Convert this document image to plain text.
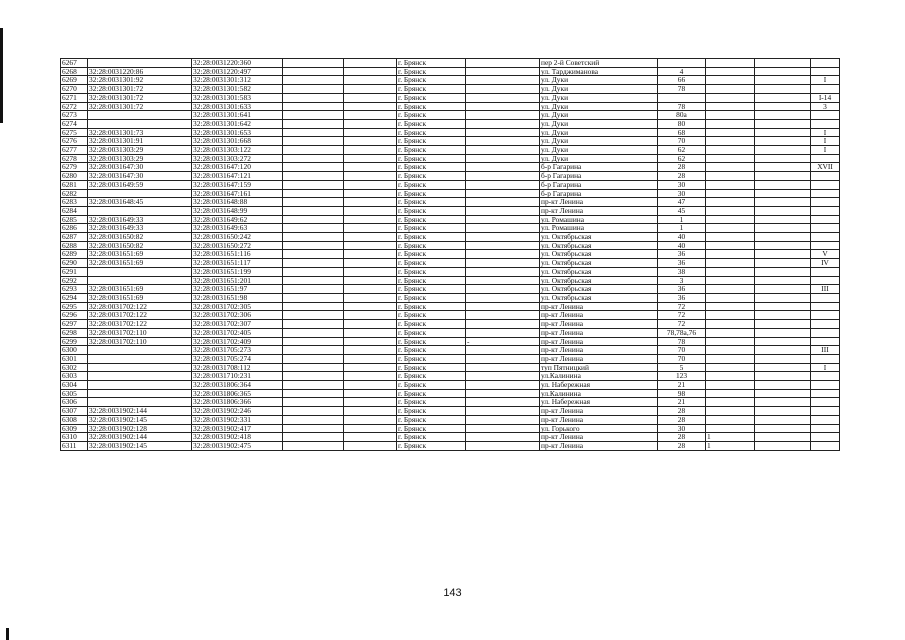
6267		32:28:0031220:360			г. Брянск		пер 2-й Советский				
6268	32:28:0031220:86	32:28:0031220:497			г. Брянск		ул. Тарджиманова	4			
6269	32:28:0031301:92	32:28:0031301:312			г. Брянск		ул. Дуки	66			I
6270	32:28:0031301:72	32:28:0031301:582			г. Брянск		ул. Дуки	78			
6271	32:28:0031301:72	32:28:0031301:583			г. Брянск		ул. Дуки				I-14
6272	32:28:0031301:72	32:28:0031301:633			г. Брянск		ул. Дуки	78			3
6273		32:28:0031301:641			г. Брянск		ул. Дуки	80а			
6274		32:28:0031301:642			г. Брянск		ул. Дуки	80			
6275	32:28:0031301:73	32:28:0031301:653			г. Брянск		ул. Дуки	68			I
6276	32:28:0031301:91	32:28:0031301:668			г. Брянск		ул. Дуки	70			I
6277	32:28:0031303:29	32:28:0031303:122			г. Брянск		ул. Дуки	62			I
6278	32:28:0031303:29	32:28:0031303:272			г. Брянск		ул. Дуки	62			
6279	32:28:0031647:30	32:28:0031647:120			г. Брянск		б-р Гагарина	28			XVII
6280	32:28:0031647:30	32:28:0031647:121			г. Брянск		б-р Гагарина	28			
6281	32:28:0031649:59	32:28:0031647:159			г. Брянск		б-р Гагарина	30			
6282		32:28:0031647:161			г. Брянск		б-р Гагарина	30			
6283	32:28:0031648:45	32:28:0031648:88			г. Брянск		пр-кт Ленина	47			
6284		32:28:0031648:99			г. Брянск		пр-кт Ленина	45			
6285	32:28:0031649:33	32:28:0031649:62			г. Брянск		ул. Ромашина	1			
6286	32:28:0031649:33	32:28:0031649:63			г. Брянск		ул. Ромашина	1			
6287	32:28:0031650:82	32:28:0031650:242			г. Брянск		ул. Октябрьская	40			
6288	32:28:0031650:82	32:28:0031650:272			г. Брянск		ул. Октябрьская	40			
6289	32:28:0031651:69	32:28:0031651:116			г. Брянск		ул. Октябрьская	36			V
6290	32:28:0031651:69	32:28:0031651:117			г. Брянск		ул. Октябрьская	36			IV
6291		32:28:0031651:199			г. Брянск		ул. Октябрьская	38			
6292		32:28:0031651:201			г. Брянск		ул. Октябрьская	3			
6293	32:28:0031651:69	32:28:0031651:97			г. Брянск		ул. Октябрьская	36			III
6294	32:28:0031651:69	32:28:0031651:98			г. Брянск		ул. Октябрьская	36			
6295	32:28:0031702:122	32:28:0031702:305			г. Брянск		пр-кт Ленина	72			
6296	32:28:0031702:122	32:28:0031702:306			г. Брянск		пр-кт Ленина	72			
6297	32:28:0031702:122	32:28:0031702:307			г. Брянск		пр-кт Ленина	72			
6298	32:28:0031702:110	32:28:0031702:405			г. Брянск		пр-кт Ленина	78,78а,76			
6299	32:28:0031702:110	32:28:0031702:409			г. Брянск	-	пр-кт Ленина	78			
6300		32:28:0031705:273			г. Брянск		пр-кт Ленина	70			III
6301		32:28:0031705:274			г. Брянск		пр-кт Ленина	70			
6302		32:28:0031708:112			г. Брянск		туп Пятницкий	5			I
6303		32:28:0031710:231			г. Брянск		ул.Калинина	123			
6304		32:28:0031806:364			г. Брянск		ул. Набережная	21			
6305		32:28:0031806:365			г. Брянск		ул.Калинина	98			
6306		32:28:0031806:366			г. Брянск		ул. Набережная	21			
6307	32:28:0031902:144	32:28:0031902:246			г. Брянск		пр-кт Ленина	28			
6308	32:28:0031902:145	32:28:0031902:331			г. Брянск		пр-кт Ленина	28			
6309	32:28:0031902:128	32:28:0031902:417			г. Брянск		ул. Горького	30			
6310	32:28:0031902:144	32:28:0031902:418			г. Брянск		пр-кт Ленина	28	1		
6311	32:28:0031902:145	32:28:0031902:475			г. Брянск		пр-кт Ленина	28	1		
143
